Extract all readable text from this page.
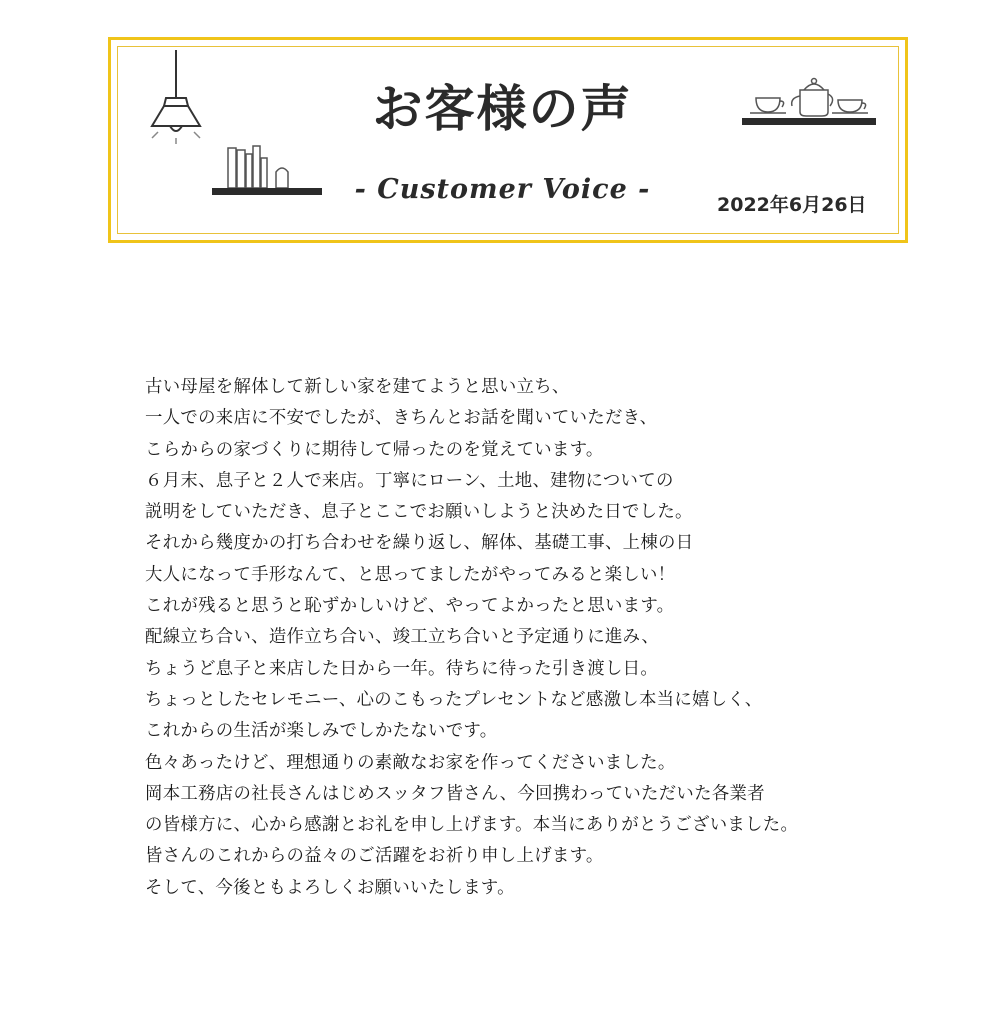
お客様の声
- Customer Voice -	2022年6月26日
古い母屋を解体して新しい家を建てようと思い立ち、
一人での来店に不安でしたが、きちんとお話を聞いていただき、
こらからの家づくりに期待して帰ったのを覚えています。
６月末、息子と２人で来店。丁寧にローン、土地、建物についての
説明をしていただき、息子とここでお願いしようと決めた日でした。
それから幾度かの打ち合わせを繰り返し、解体、基礎工事、上棟の日
大人になって手形なんて、と思ってましたがやってみると楽しい！
これが残ると思うと恥ずかしいけど、やってよかったと思います。
配線立ち合い、造作立ち合い、竣工立ち合いと予定通りに進み、
ちょうど息子と来店した日から一年。待ちに待った引き渡し日。
ちょっとしたセレモニー、心のこもったプレセントなど感激し本当に嬉しく、
これからの生活が楽しみでしかたないです。
色々あったけど、理想通りの素敵なお家を作ってくださいました。
岡本工務店の社長さんはじめスッタフ皆さん、今回携わっていただいた各業者
の皆様方に、心から感謝とお礼を申し上げます。本当にありがとうございました。
皆さんのこれからの益々のご活躍をお祈り申し上げます。
そして、今後ともよろしくお願いいたします。
